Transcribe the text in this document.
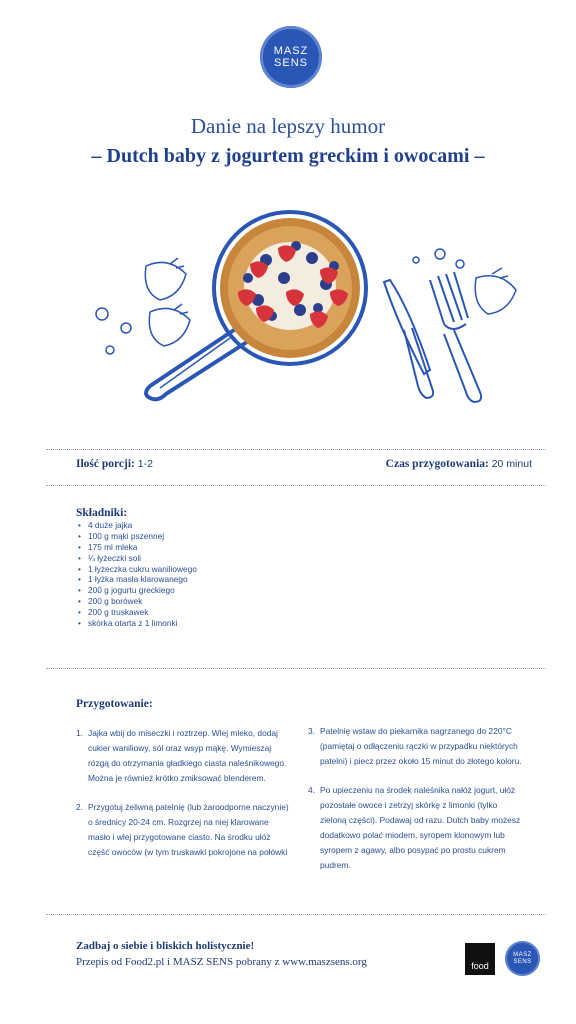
MASZ
SENS
Danie na lepszy humor
– Dutch baby z jogurtem greckim i owocami –
Ilość porcji: 1-2	Czas przygotowania: 20 minut
Składniki:
• 4 duże jajka
• 100 g mąki pszennej
• 175 ml mleka
• ¼ łyżeczki soli
• 1 łyżeczka cukru waniliowego
• 1 łyżka masła klarowanego
• 200 g jogurtu greckiego
• 200 g borówek
• 200 g truskawek
• skórka otarta z 1 limonki
Przygotowanie:
1. Jajka wbij do miseczki i roztrzep. Wlej mleko, dodaj
cukier waniliowy, sól oraz wsyp mąkę. Wymieszaj
rózgą do otrzymania gładkiego ciasta naleśnikowego.
Można je również krótko zmiksować blenderem.
2. Przygotuj żeliwną patelnię (lub żaroodporne naczynie)
o średnicy 20-24 cm. Rozgrzej na niej klarowane
masło i wlej przygotowane ciasto. Na środku ułóż
część owoców (w tym truskawki pokrojone na połówki
3. Patelnię wstaw do piekarnika nagrzanego do 220°C
(pamiętaj o odłączeniu rączki w przypadku niektórych
patelni) i piecz przez około 15 minut do złotego koloru.
4. Po upieczeniu na środek naleśnika nałóż jogurt, ułóż
pozostałe owoce i zetrzyj skórkę z limonki (tylko
zieloną części). Podawaj od razu. Dutch baby możesz
dodatkowo polać miodem, syropem klonowym lub
syropem z agawy, albo posypać po prostu cukrem
pudrem.
Zadbaj o siebie i bliskich holistycznie!
Przepis od Food2.pl i MASZ SENS pobrany z www.maszsens.org	food
MASZ
SENS
